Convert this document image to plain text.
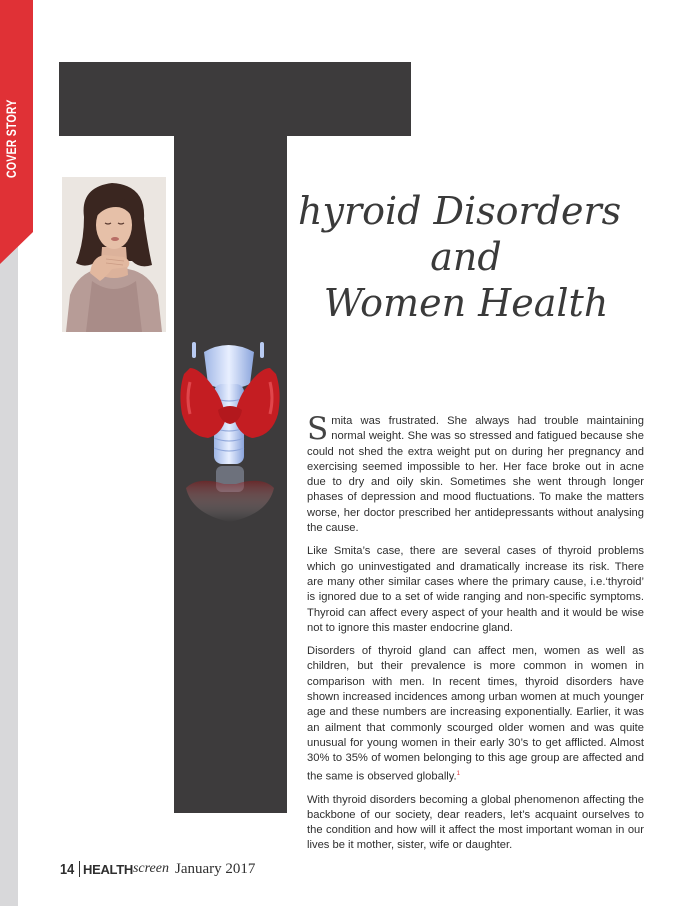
COVER STORY
hyroid Disorders
and
Women Health

Smita was frustrated. She always had trouble maintaining normal weight. She was so stressed and fatigued because she could not shed the extra weight put on during her pregnancy and exercising seemed impossible to her. Her face broke out in acne due to dry and oily skin. Sometimes she went through longer phases of depression and mood fluctuations. To make the matters worse, her doctor prescribed her antidepressants without analysing the cause.

Like Smita’s case, there are several cases of thyroid problems which go uninvestigated and dramatically increase its risk. There are many other similar cases where the primary cause, i.e.‘thyroid’ is ignored due to a set of wide ranging and non-specific symptoms. Thyroid can affect every aspect of your health and it would be wise not to ignore this master endocrine gland.

Disorders of thyroid gland can affect men, women as well as children, but their prevalence is more common in women in comparison with men. In recent times, thyroid disorders have shown increased incidences among urban women at much younger age and these numbers are increasing exponentially. Earlier, it was an ailment that commonly scourged older women and was quite unusual for young women in their early 30’s to get afflicted. Almost 30% to 35% of women belonging to this age group are affected and the same is observed globally.$^1$

With thyroid disorders becoming a global phenomenon affecting the backbone of our society, dear readers, let’s acquaint ourselves to the condition and how will it affect the most important woman in our lives be it mother, sister, wife or daughter.

14 HEALTH screen January 2017
